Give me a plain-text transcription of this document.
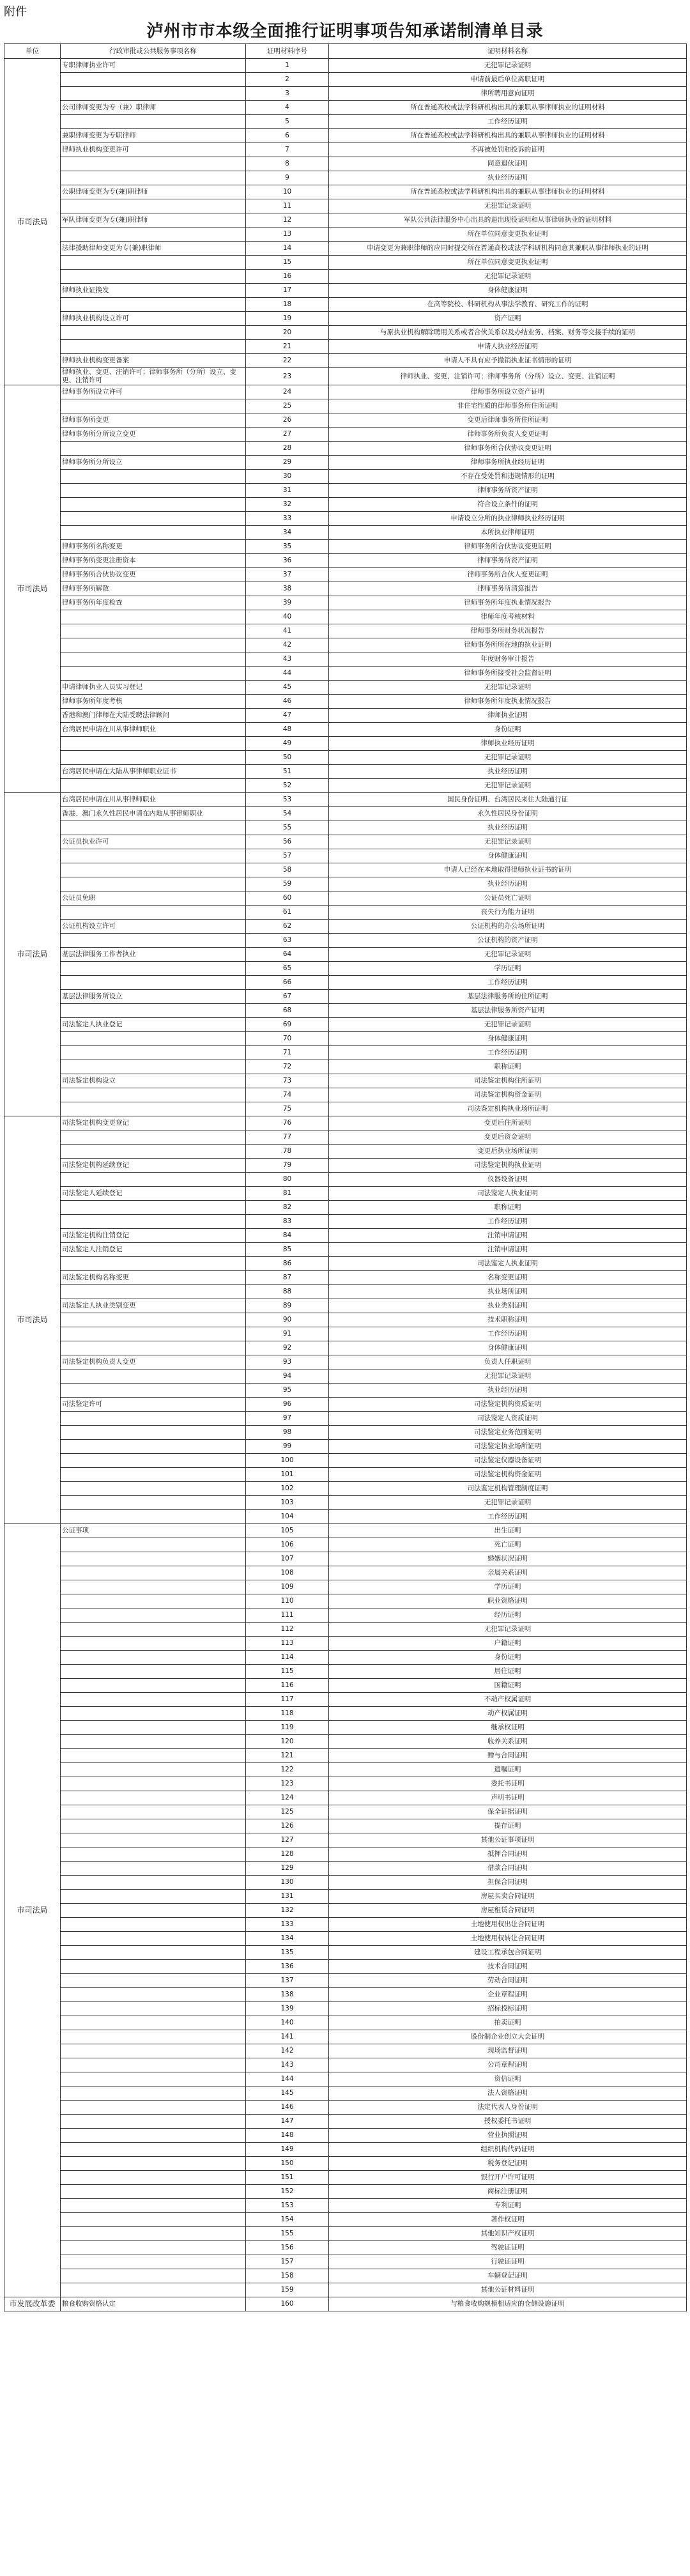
附件
泸州市市本级全面推行证明事项告知承诺制清单目录
单位	行政审批或公共服务事项名称	证明材料序号	证明材料名称
市司法局	专职律师执业许可	1	无犯罪记录证明
		2	申请前最后单位离职证明
		3	律所聘用意向证明
	公司律师变更为专（兼）职律师	4	所在普通高校或法学科研机构出具的兼职从事律师执业的证明材料
		5	工作经历证明
	兼职律师变更为专职律师	6	所在普通高校或法学科研机构出具的兼职从事律师执业的证明材料
	律师执业机构变更许可	7	不再被处罚和投诉的证明
		8	同意退伙证明
		9	执业经历证明
	公职律师变更为专(兼)职律师	10	所在普通高校或法学科研机构出具的兼职从事律师执业的证明材料
		11	无犯罪记录证明
	军队律师变更为专(兼)职律师	12	军队公共法律服务中心出具的退出现役证明和从事律师执业的证明材料
		13	所在单位同意变更执业证明
	法律援助律师变更为专(兼)职律师	14	申请变更为兼职律师的应同时提交所在普通高校或法学科研机构同意其兼职从事律师执业的证明
		15	所在单位同意变更执业证明
		16	无犯罪记录证明
	律师执业证换发	17	身体健康证明
		18	在高等院校、科研机构从事法学教育、研究工作的证明
	律师执业机构设立许可	19	资产证明
		20	与原执业机构解除聘用关系或者合伙关系以及办结业务、档案、财务等交接手续的证明
		21	申请人执业经历证明
	律师执业机构变更备案	22	申请人不具有应予撤销执业证书情形的证明
	律师执业、变更、注销许可；律师事务所（分所）设立、变更、注销许可	23	律师执业、变更、注销许可；律师事务所（分所）设立、变更、注销证明
市司法局	律师事务所设立许可	24	律师事务所设立资产证明
		25	非住宅性质的律师事务所住所证明
	律师事务所变更	26	变更后律师事务所住所证明
	律师事务所分所设立变更	27	律师事务所负责人变更证明
		28	律师事务所合伙协议变更证明
	律师事务所分所设立	29	律师事务所执业经历证明
		30	不存在受处罚和违规情形的证明
		31	律师事务所资产证明
		32	符合设立条件的证明
		33	申请设立分所的执业律师执业经历证明
		34	本所执业律师证明
	律师事务所名称变更	35	律师事务所合伙协议变更证明
	律师事务所变更注册资本	36	律师事务所资产证明
	律师事务所合伙协议变更	37	律师事务所合伙人变更证明
	律师事务所解散	38	律师事务所清算报告
	律师事务所年度检查	39	律师事务所年度执业情况报告
		40	律师年度考核材料
		41	律师事务所财务状况报告
		42	律师事务所所在地的执业证明
		43	年度财务审计报告
		44	律师事务所接受社会监督证明
	申请律师执业人员实习登记	45	无犯罪记录证明
	律师事务所年度考核	46	律师事务所年度执业情况报告
	香港和澳门律师在大陆受聘法律顾问	47	律师执业证明
	台湾居民申请在川从事律师职业	48	身份证明
		49	律师执业经历证明
		50	无犯罪记录证明
	台湾居民申请在大陆从事律师职业证书	51	执业经历证明
		52	无犯罪记录证明
市司法局	台湾居民申请在川从事律师职业	53	国民身份证明、台湾居民来往大陆通行证
	香港、澳门永久性居民申请在内地从事律师职业	54	永久性居民身份证明
		55	执业经历证明
	公证员执业许可	56	无犯罪记录证明
		57	身体健康证明
		58	申请人已经在本地取得律师执业证书的证明
		59	执业经历证明
	公证员免职	60	公证员死亡证明
		61	丧失行为能力证明
	公证机构设立许可	62	公证机构的办公场所证明
		63	公证机构的资产证明
	基层法律服务工作者执业	64	无犯罪记录证明
		65	学历证明
		66	工作经历证明
	基层法律服务所设立	67	基层法律服务所的住所证明
		68	基层法律服务所资产证明
	司法鉴定人执业登记	69	无犯罪记录证明
		70	身体健康证明
		71	工作经历证明
		72	职称证明
	司法鉴定机构设立	73	司法鉴定机构住所证明
		74	司法鉴定机构资金证明
		75	司法鉴定机构执业场所证明
市司法局	司法鉴定机构变更登记	76	变更后住所证明
		77	变更后资金证明
		78	变更后执业场所证明
	司法鉴定机构延续登记	79	司法鉴定机构执业证明
		80	仪器设备证明
	司法鉴定人延续登记	81	司法鉴定人执业证明
		82	职称证明
		83	工作经历证明
	司法鉴定机构注销登记	84	注销申请证明
	司法鉴定人注销登记	85	注销申请证明
		86	司法鉴定人执业证明
	司法鉴定机构名称变更	87	名称变更证明
		88	执业场所证明
	司法鉴定人执业类别变更	89	执业类别证明
		90	技术职称证明
		91	工作经历证明
		92	身体健康证明
	司法鉴定机构负责人变更	93	负责人任职证明
		94	无犯罪记录证明
		95	执业经历证明
	司法鉴定许可	96	司法鉴定机构资质证明
		97	司法鉴定人资质证明
		98	司法鉴定业务范围证明
		99	司法鉴定执业场所证明
		100	司法鉴定仪器设备证明
		101	司法鉴定机构资金证明
		102	司法鉴定机构管理制度证明
		103	无犯罪记录证明
		104	工作经历证明
市司法局	公证事项	105	出生证明
		106	死亡证明
		107	婚姻状况证明
		108	亲属关系证明
		109	学历证明
		110	职业资格证明
		111	经历证明
		112	无犯罪记录证明
		113	户籍证明
		114	身份证明
		115	居住证明
		116	国籍证明
		117	不动产权属证明
		118	动产权属证明
		119	继承权证明
		120	收养关系证明
		121	赠与合同证明
		122	遗嘱证明
		123	委托书证明
		124	声明书证明
		125	保全证据证明
		126	提存证明
		127	其他公证事项证明
		128	抵押合同证明
		129	借款合同证明
		130	担保合同证明
		131	房屋买卖合同证明
		132	房屋租赁合同证明
		133	土地使用权出让合同证明
		134	土地使用权转让合同证明
		135	建设工程承包合同证明
		136	技术合同证明
		137	劳动合同证明
		138	企业章程证明
		139	招标投标证明
		140	拍卖证明
		141	股份制企业创立大会证明
		142	现场监督证明
		143	公司章程证明
		144	资信证明
		145	法人资格证明
		146	法定代表人身份证明
		147	授权委托书证明
		148	营业执照证明
		149	组织机构代码证明
		150	税务登记证明
		151	银行开户许可证明
		152	商标注册证明
		153	专利证明
		154	著作权证明
		155	其他知识产权证明
		156	驾驶证证明
		157	行驶证证明
		158	车辆登记证明
		159	其他公证材料证明
市发展改革委	粮食收购资格认定	160	与粮食收购规模相适应的仓储设施证明
